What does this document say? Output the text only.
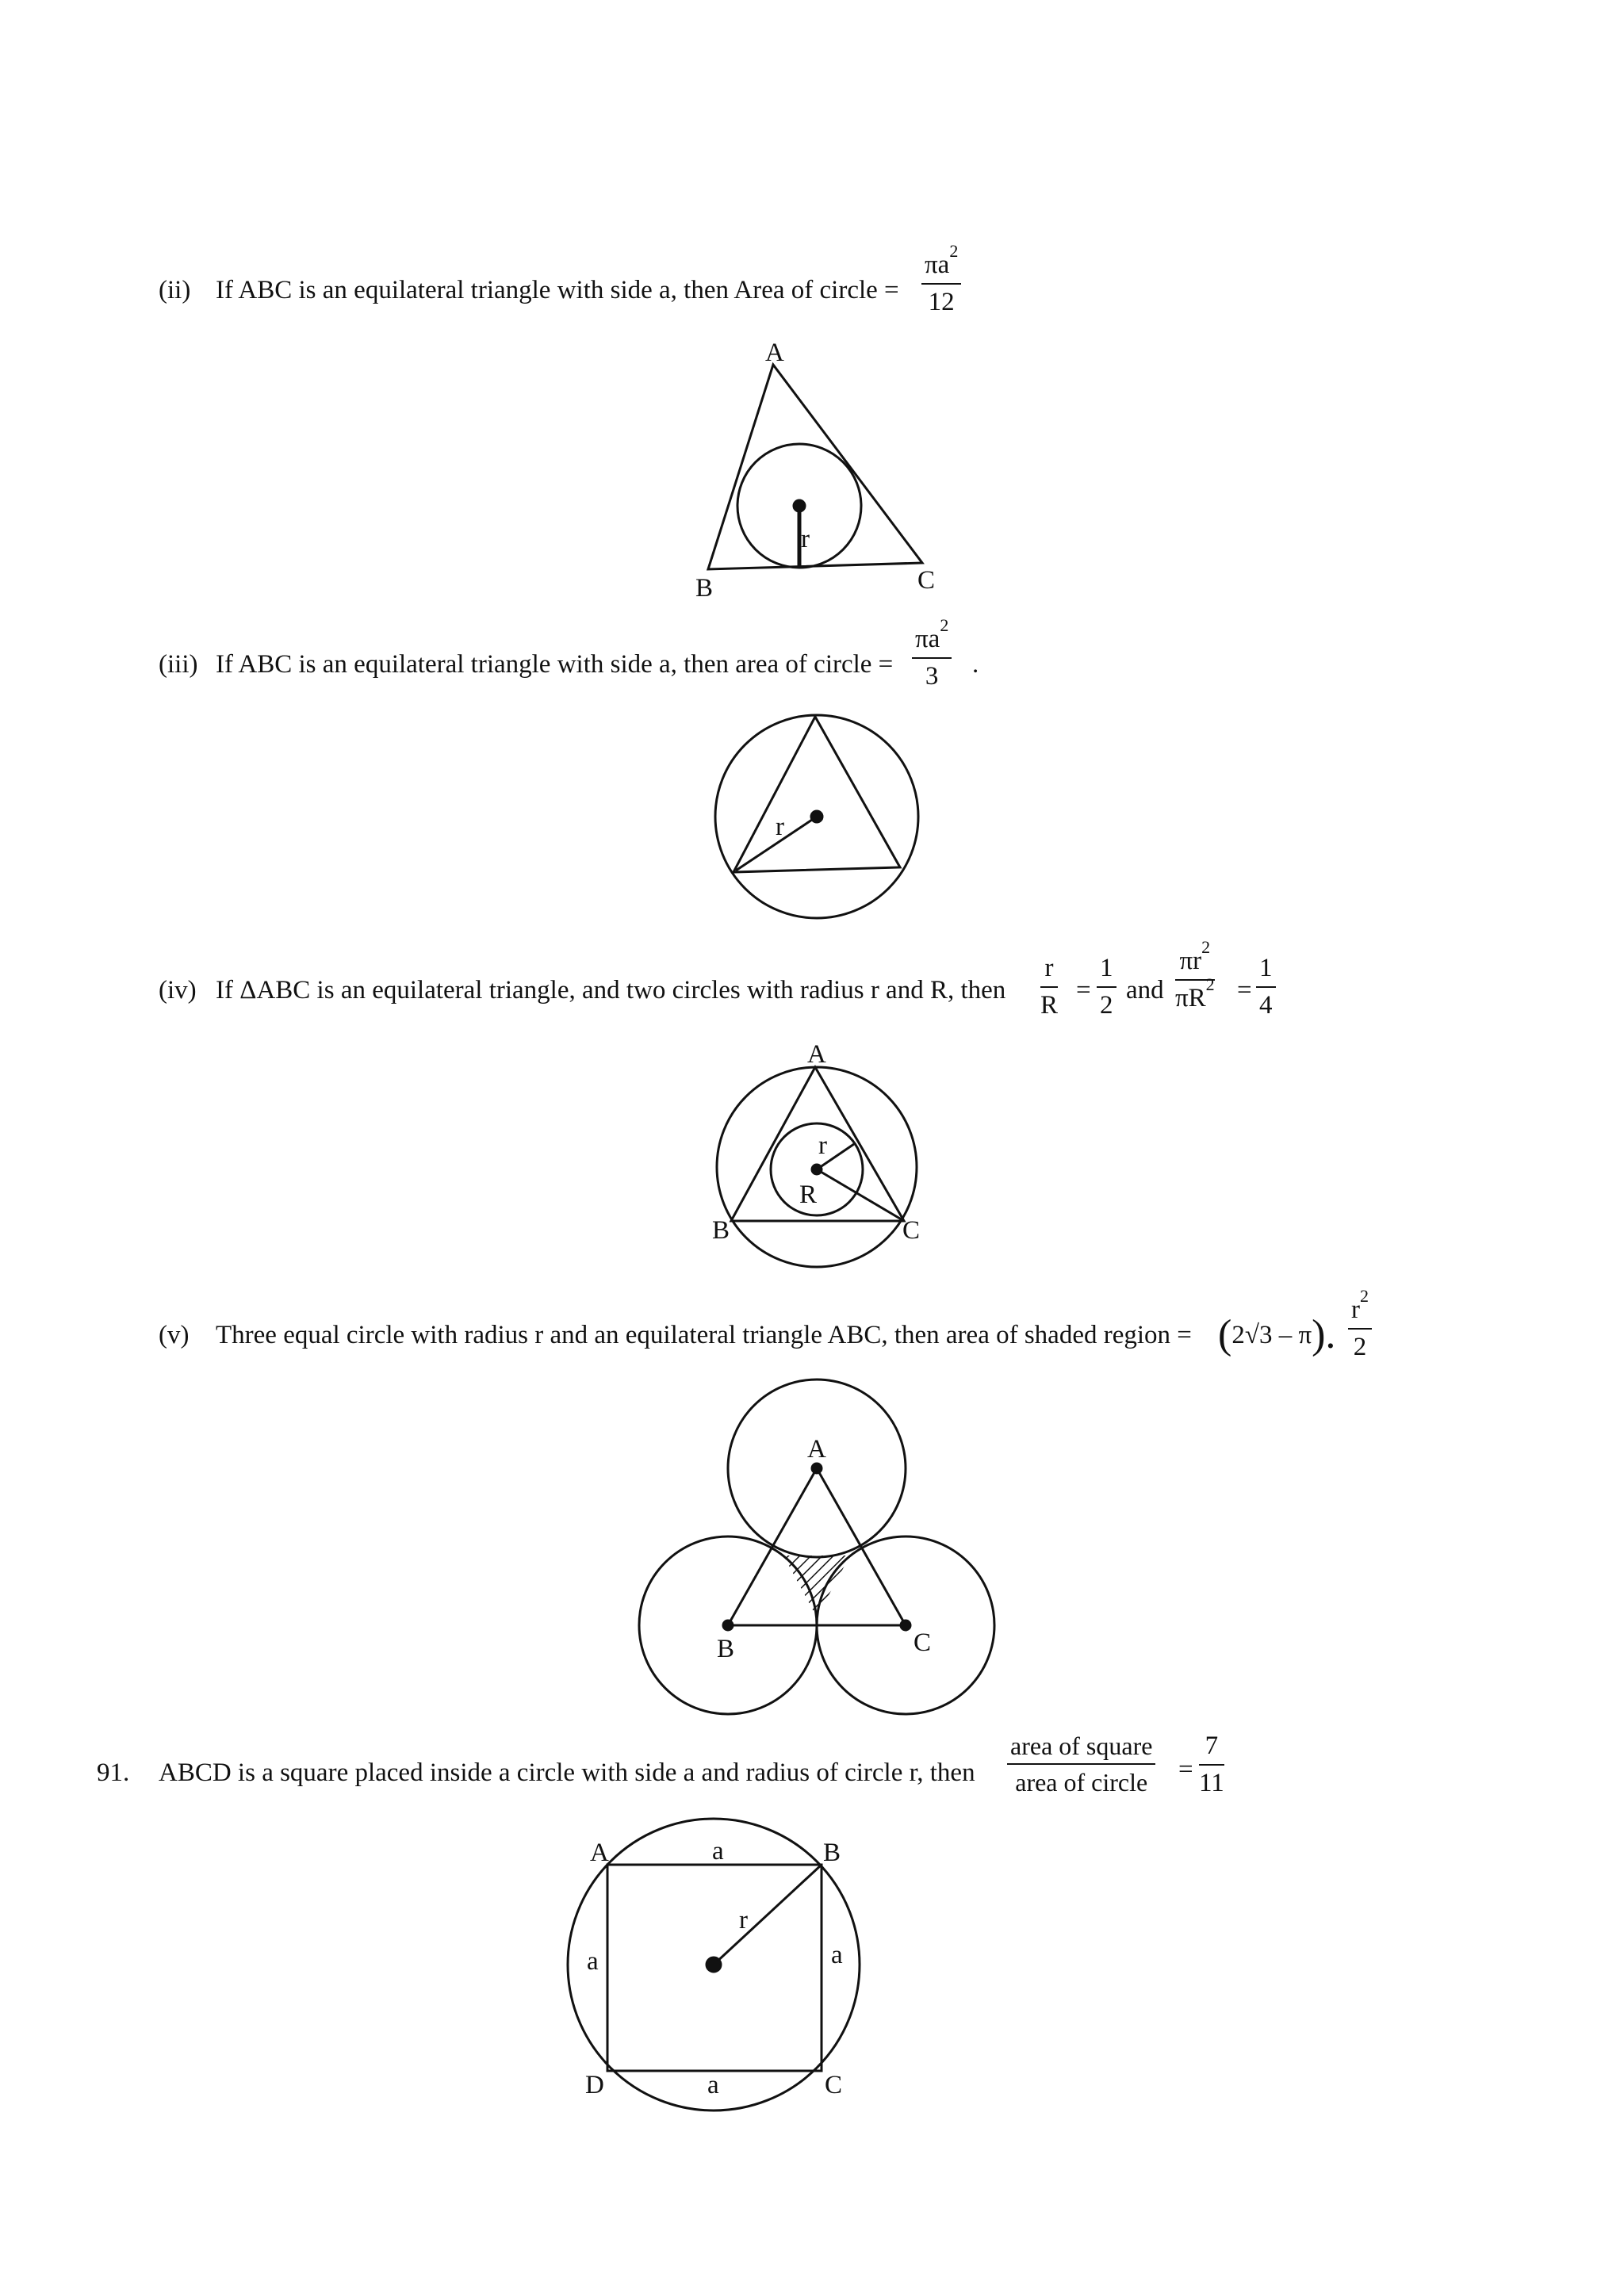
(ii) If ABC is an equilateral triangle with side a, then Area of circle = $\frac{\pi a^2}{12}$
A
r
B	C
r
A
r
R
B	C
A
B	C
A	a	B
r
a	a
D	a	C
(iii) If ABC is an equilateral triangle with side a, then area of circle = $\frac{\pi a^2}{3}$ .
(iv) If ΔABC is an equilateral triangle, and two circles with radius r and R, then $\frac{r}{R} = \frac{1}{2}$ and $\frac{\pi r^2}{\pi R^2} = \frac{1}{4}$
(v) Three equal circle with radius r and an equilateral triangle ABC, then area of shaded region = (2√3 – π). $\frac{r^2}{2}$
91. ABCD is a square placed inside a circle with side a and radius of circle r, then
area of square
area of circle	= $\frac{7}{11}$
